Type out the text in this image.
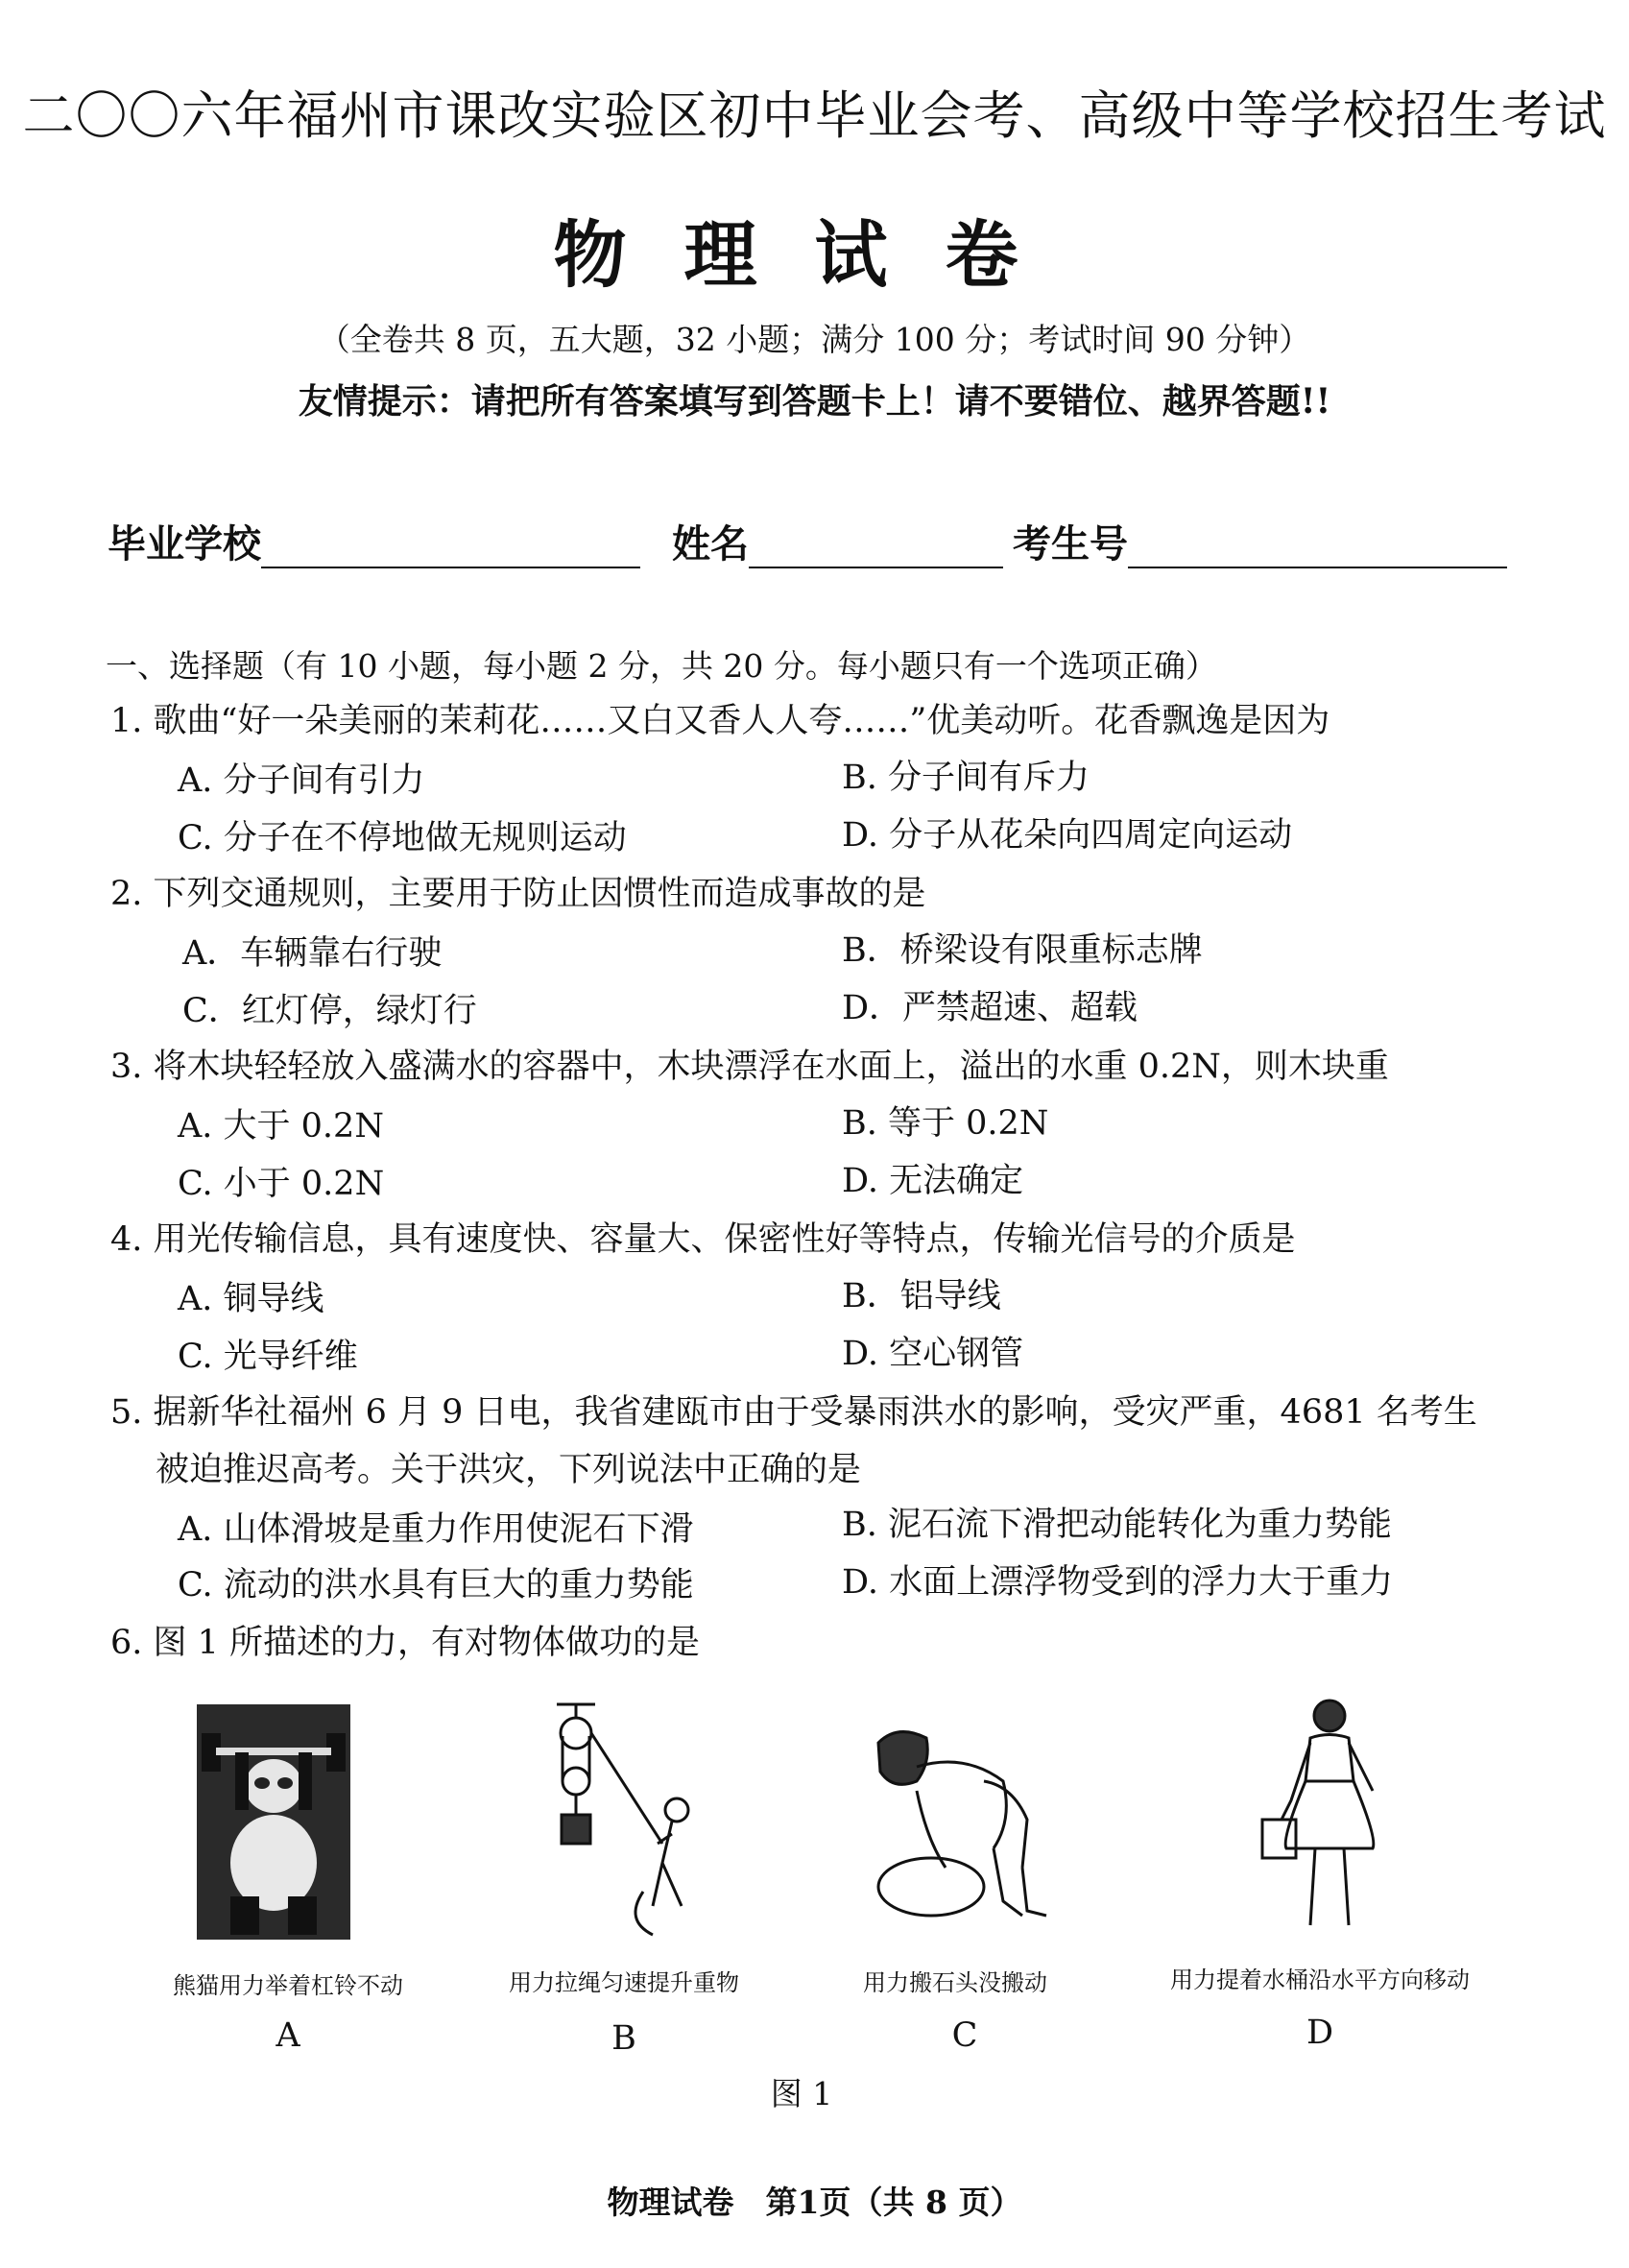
二〇〇六年福州市课改实验区初中毕业会考、高级中等学校招生考试
物理试卷
（全卷共 8 页，五大题，32 小题；满分 100 分；考试时间 90 分钟）
友情提示：请把所有答案填写到答题卡上！请不要错位、越界答题!!
毕业学校	姓名	考生号
一、选择题（有 10 小题，每小题 2 分，共 20 分。每小题只有一个选项正确）
1. 歌曲“好一朵美丽的茉莉花……又白又香人人夸……”优美动听。花香飘逸是因为
A. 分子间有引力	B. 分子间有斥力
C. 分子在不停地做无规则运动	D. 分子从花朵向四周定向运动
2. 下列交通规则，主要用于防止因惯性而造成事故的是
A．车辆靠右行驶	B．桥梁设有限重标志牌
C．红灯停，绿灯行	D．严禁超速、超载
3. 将木块轻轻放入盛满水的容器中，木块漂浮在水面上，溢出的水重 0.2N，则木块重
A. 大于 0.2N	B. 等于 0.2N
C. 小于 0.2N	D. 无法确定
4. 用光传输信息，具有速度快、容量大、保密性好等特点，传输光信号的介质是
A. 铜导线	B．铝导线
C. 光导纤维	D. 空心钢管
5. 据新华社福州 6 月 9 日电，我省建瓯市由于受暴雨洪水的影响，受灾严重，4681 名考生
被迫推迟高考。关于洪灾，下列说法中正确的是
A. 山体滑坡是重力作用使泥石下滑	B. 泥石流下滑把动能转化为重力势能
C. 流动的洪水具有巨大的重力势能	D. 水面上漂浮物受到的浮力大于重力
6. 图 1 所描述的力，有对物体做功的是
熊猫用力举着杠铃不动	用力拉绳匀速提升重物	用力搬石头没搬动	用力提着水桶沿水平方向移动
A	B	C	D
图 1
物理试卷　第1页（共 8 页）
